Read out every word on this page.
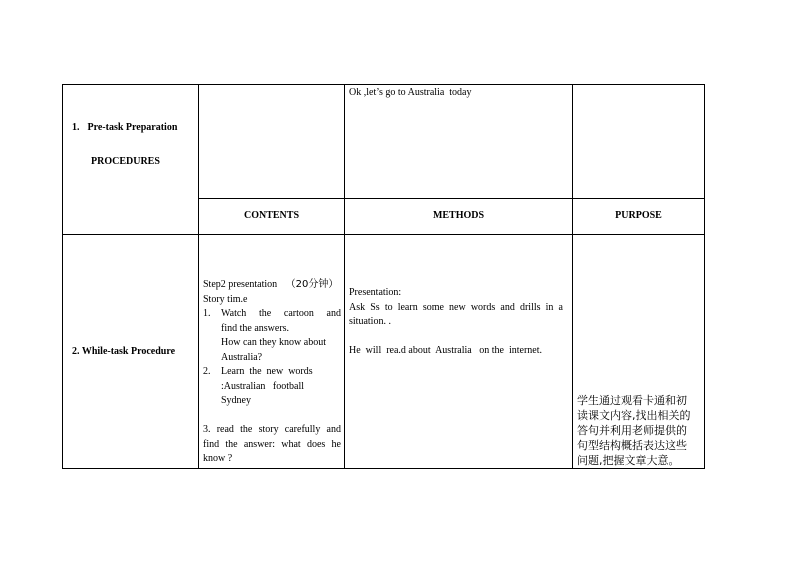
1. Pre-task Preparation
PROCEDURES
Ok ,let’s go to Australia  today
CONTENTS	METHODS	PURPOSE
2. While-task Procedure
Step2 presentation （20分钟）
Story tim.e
1. Watch the cartoon and
find the answers.
How can they know about
Australia?
2. Learn  the  new  words
:Australian   football
Sydney
3. read the story carefully and
find the answer: what does he
know ?
Presentation:
Ask Ss to learn some new words and drills in a
situation. .
He  will  rea.d about  Australia   on the  internet.
学生通过观看卡通和初
读课文内容,找出相关的
答句并利用老师提供的
句型结构概括表达这些
问题,把握文章大意。
